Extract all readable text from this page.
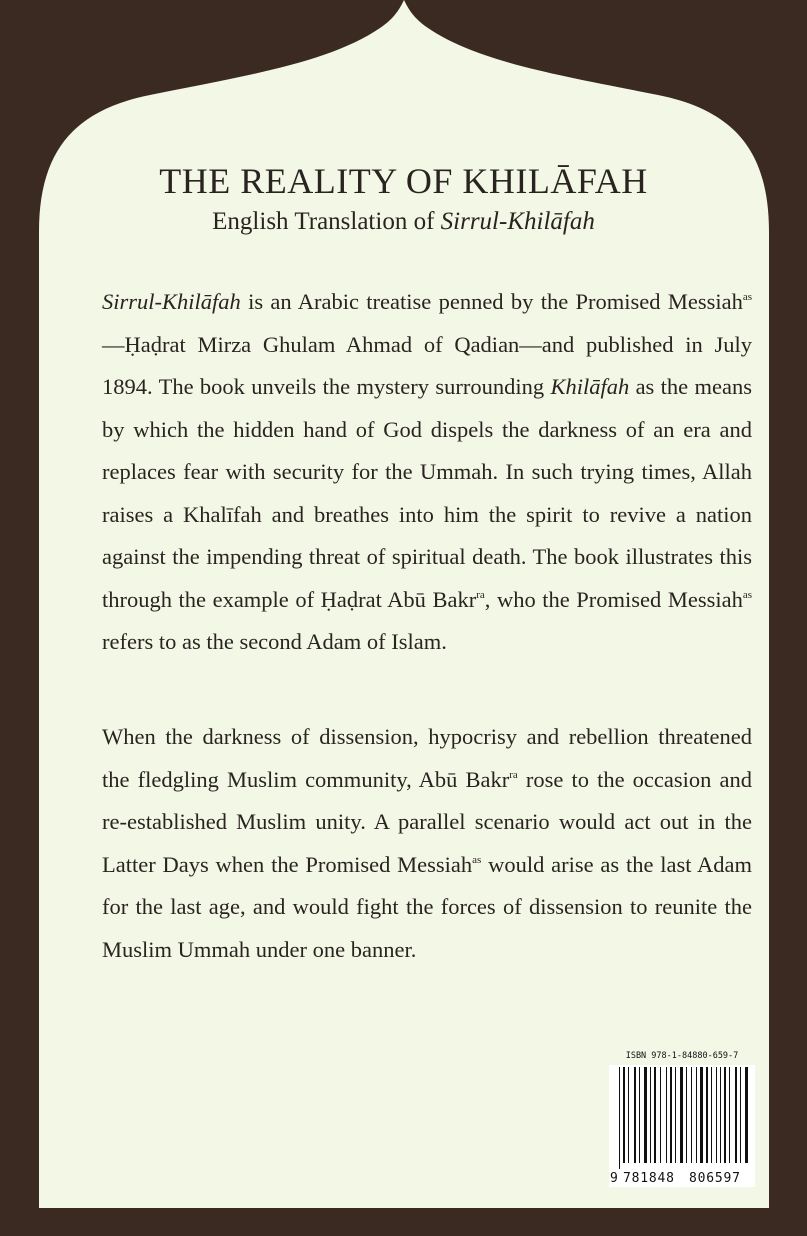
THE REALITY OF KHILĀFAH
English Translation of Sirrul-Khilāfah

Sirrul-Khilāfah is an Arabic treatise penned by the Promised Messiah$^{as}$—Ḥaḍrat Mirza Ghulam Ahmad of Qadian—and published in July 1894. The book unveils the mystery surrounding Khilāfah as the means by which the hidden hand of God dispels the darkness of an era and replaces fear with security for the Ummah. In such trying times, Allah raises a Khalīfah and breathes into him the spirit to revive a nation against the impending threat of spiritual death. The book illustrates this through the example of Ḥaḍrat Abū Bakr$^{ra}$, who the Promised Messiah$^{as}$ refers to as the second Adam of Islam.

When the darkness of dissension, hypocrisy and rebellion threatened the fledgling Muslim community, Abū Bakr$^{ra}$ rose to the occasion and re-established Muslim unity. A parallel scenario would act out in the Latter Days when the Promised Messiah$^{as}$ would arise as the last Adam for the last age, and would fight the forces of dissension to reunite the Muslim Ummah under one banner.

ISBN 978-1-84880-659-7
9 781848 806597
